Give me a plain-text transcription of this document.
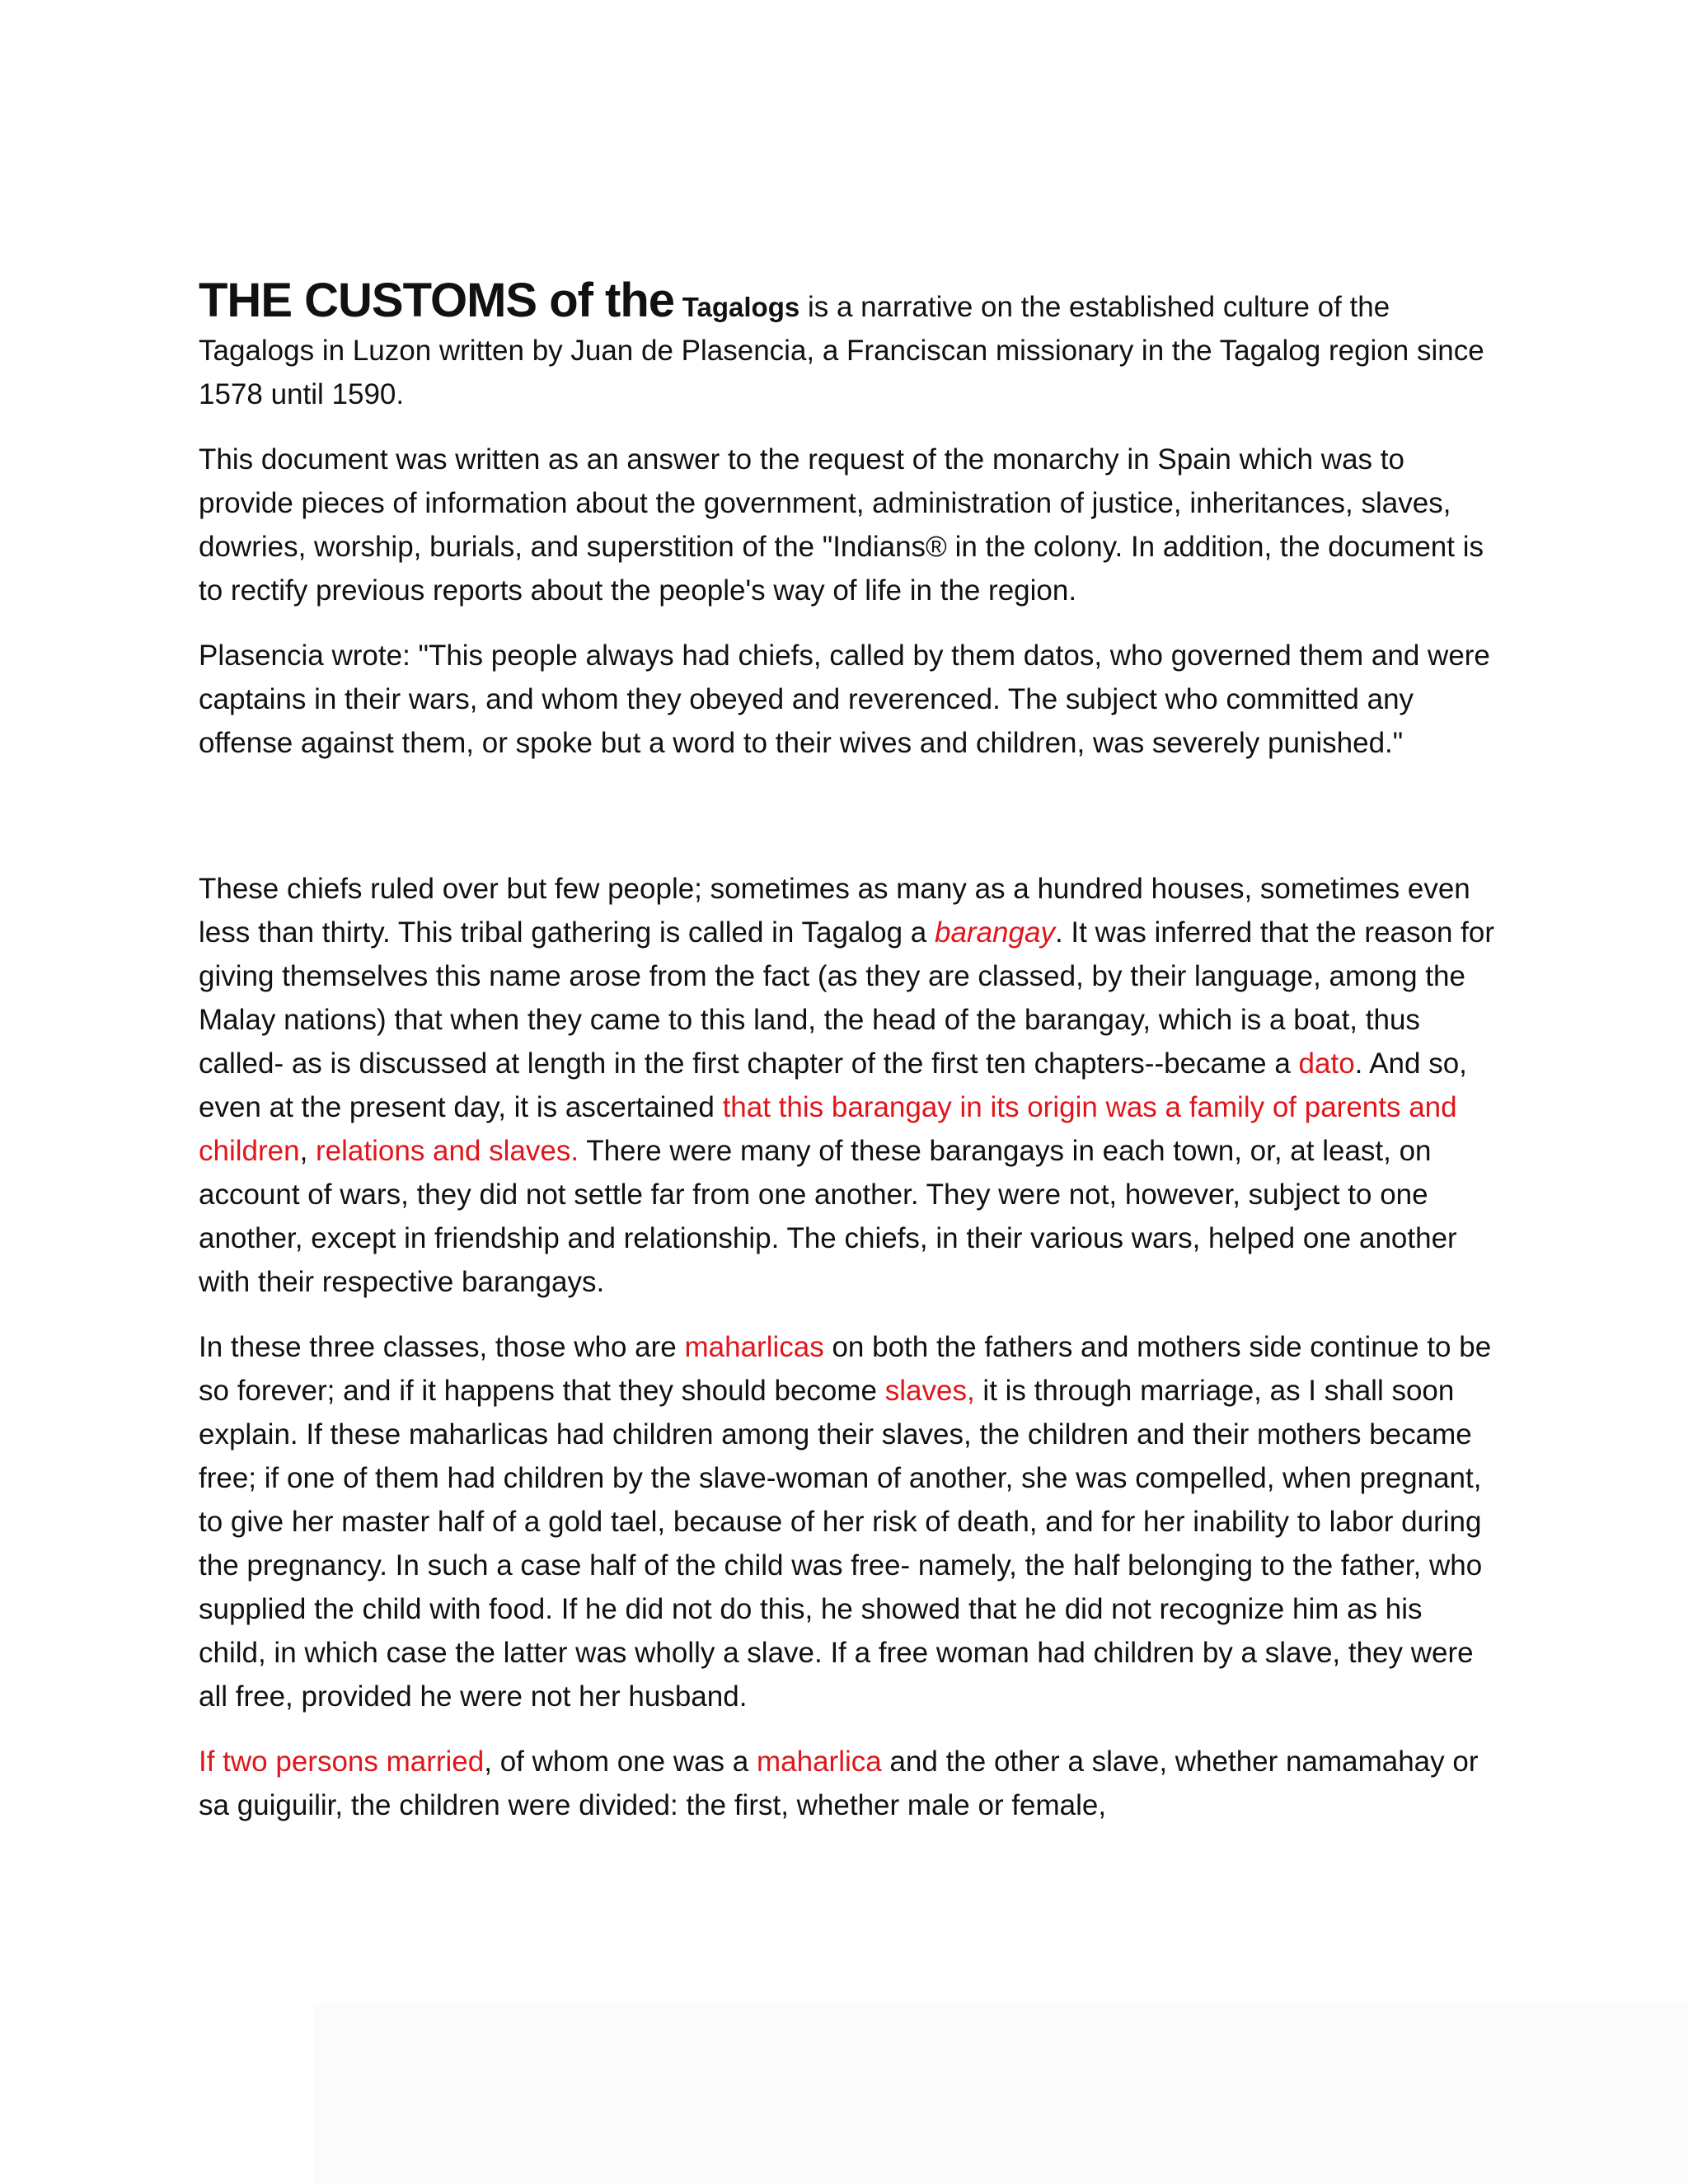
THE CUSTOMS of the Tagalogs is a narrative on the established culture of the Tagalogs in Luzon written by Juan de Plasencia, a Franciscan missionary in the Tagalog region since 1578 until 1590.

This document was written as an answer to the request of the monarchy in Spain which was to provide pieces of information about the government, administration of justice, inheritances, slaves, dowries, worship, burials, and superstition of the "Indians® in the colony. In addition, the document is to rectify previous reports about the people's way of life in the region.

Plasencia wrote: "This people always had chiefs, called by them datos, who governed them and were captains in their wars, and whom they obeyed and reverenced. The subject who committed any offense against them, or spoke but a word to their wives and children, was severely punished."

These chiefs ruled over but few people; sometimes as many as a hundred houses, sometimes even less than thirty. This tribal gathering is called in Tagalog a barangay. It was inferred that the reason for giving themselves this name arose from the fact (as they are classed, by their language, among the Malay nations) that when they came to this land, the head of the barangay, which is a boat, thus called- as is discussed at length in the first chapter of the first ten chapters--became a dato. And so, even at the present day, it is ascertained that this barangay in its origin was a family of parents and children, relations and slaves. There were many of these barangays in each town, or, at least, on account of wars, they did not settle far from one another. They were not, however, subject to one another, except in friendship and relationship. The chiefs, in their various wars, helped one another with their respective barangays.

In these three classes, those who are maharlicas on both the fathers and mothers side continue to be so forever; and if it happens that they should become slaves, it is through marriage, as I shall soon explain. If these maharlicas had children among their slaves, the children and their mothers became free; if one of them had children by the slave-woman of another, she was compelled, when pregnant, to give her master half of a gold tael, because of her risk of death, and for her inability to labor during the pregnancy. In such a case half of the child was free- namely, the half belonging to the father, who supplied the child with food. If he did not do this, he showed that he did not recognize him as his child, in which case the latter was wholly a slave. If a free woman had children by a slave, they were all free, provided he were not her husband.

If two persons married, of whom one was a maharlica and the other a slave, whether namamahay or sa guiguilir, the children were divided: the first, whether male or female,
